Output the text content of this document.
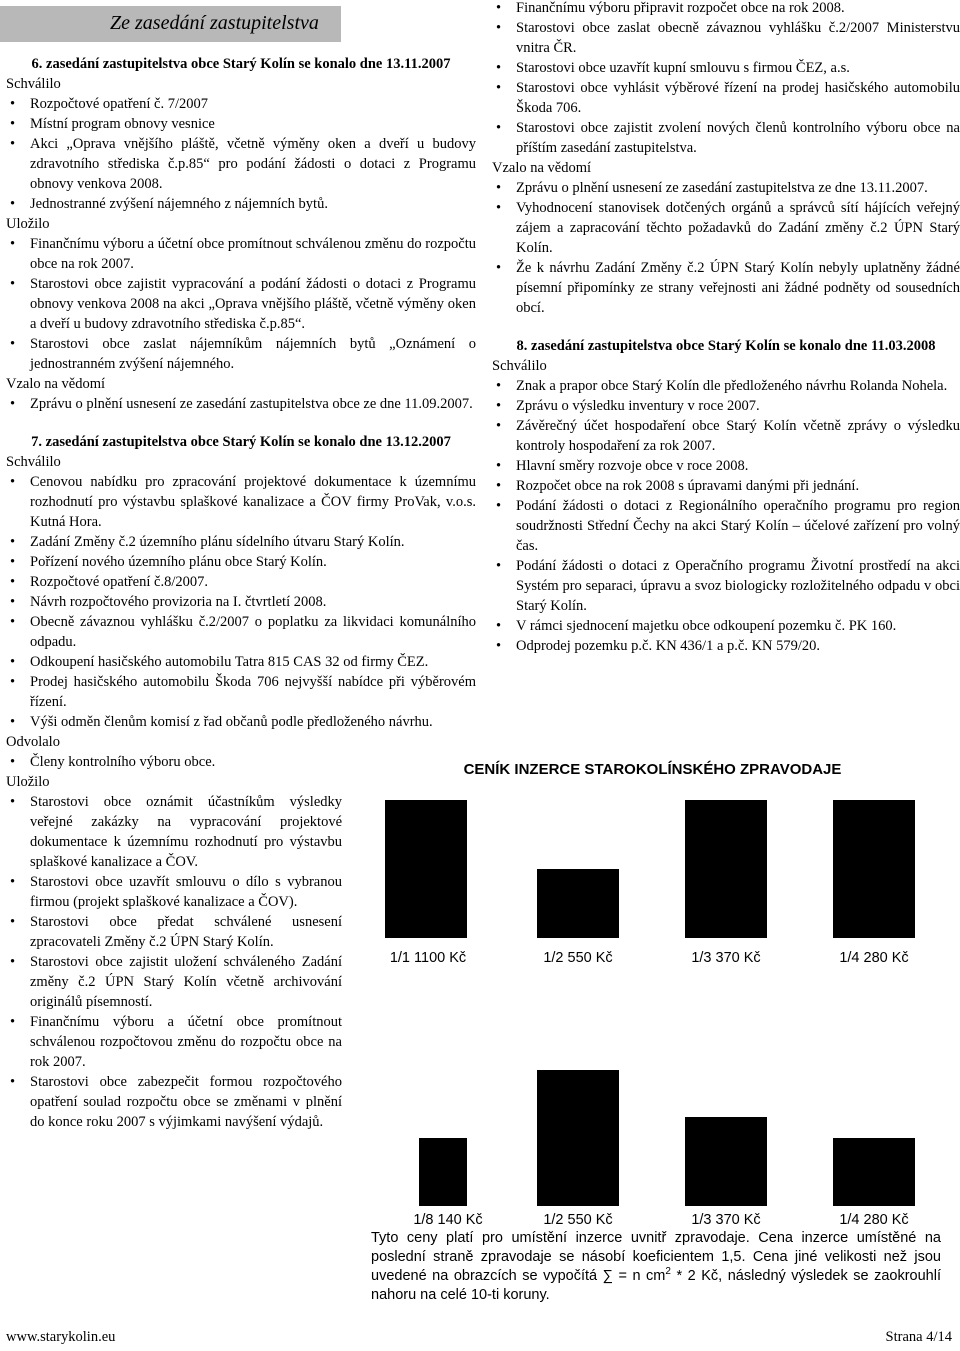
Ze zasedání zastupitelstva

6. zasedání zastupitelstva obce Starý Kolín se konalo dne 13.11.2007

Schválilo

• Rozpočtové opatření č. 7/2007
• Místní program obnovy vesnice
• Akci „Oprava vnějšího pláště, včetně výměny oken a dveří u budovy zdravotního střediska č.p.85“ pro podání žádosti o dotaci z Programu obnovy venkova 2008.
• Jednostranné zvýšení nájemného z nájemních bytů.

Uložilo

• Finančnímu výboru a účetní obce promítnout schválenou změnu do rozpočtu obce na rok 2007.
• Starostovi obce zajistit vypracování a podání žádosti o dotaci z Programu obnovy venkova 2008 na akci „Oprava vnějšího pláště, včetně výměny oken a dveří u budovy zdravotního střediska č.p.85“.
• Starostovi obce zaslat nájemníkům nájemních bytů „Oznámení o jednostranném zvýšení nájemného.

Vzalo na vědomí

• Zprávu o plnění usnesení ze zasedání zastupitelstva obce ze dne 11.09.2007.

7. zasedání zastupitelstva obce Starý Kolín se konalo dne 13.12.2007

Schválilo

• Cenovou nabídku pro zpracování projektové dokumentace k územnímu rozhodnutí pro výstavbu splaškové kanalizace a ČOV firmy ProVak, v.o.s. Kutná Hora.
• Zadání Změny č.2 územního plánu sídelního útvaru Starý Kolín.
• Pořízení nového územního plánu obce Starý Kolín.
• Rozpočtové opatření č.8/2007.
• Návrh rozpočtového provizoria na I. čtvrtletí 2008.
• Obecně závaznou vyhlášku č.2/2007 o poplatku za likvidaci komunálního odpadu.
• Odkoupení hasičského automobilu Tatra 815 CAS 32 od firmy ČEZ.
• Prodej hasičského automobilu Škoda 706 nejvyšší nabídce při výběrovém řízení.
• Výši odměn členům komisí z řad občanů podle předloženého návrhu.

Odvolalo

• Členy kontrolního výboru obce.

Uložilo

• Starostovi obce oznámit účastníkům výsledky veřejné zakázky na vypracování projektové dokumentace k územnímu rozhodnutí pro výstavbu splaškové kanalizace a ČOV.
• Starostovi obce uzavřít smlouvu o dílo s vybranou firmou (projekt splaškové kanalizace a ČOV).
• Starostovi obce předat schválené usnesení zpracovateli Změny č.2 ÚPN Starý Kolín.
• Starostovi obce zajistit uložení schváleného Zadání změny č.2 ÚPN Starý Kolín včetně archivování originálů písemností.
• Finančnímu výboru a účetní obce promítnout schválenou rozpočtovou změnu do rozpočtu obce na rok 2007.
• Starostovi obce zabezpečit formou rozpočtového opatření soulad rozpočtu obce se změnami v plnění do konce roku 2007 s výjimkami navýšení výdajů.
• Finančnímu výboru připravit rozpočet obce na rok 2008.
• Starostovi obce zaslat obecně závaznou vyhlášku č.2/2007 Ministerstvu vnitra ČR.
• Starostovi obce uzavřít kupní smlouvu s firmou ČEZ, a.s.
• Starostovi obce vyhlásit výběrové řízení na prodej hasičského automobilu Škoda 706.
• Starostovi obce zajistit zvolení nových členů kontrolního výboru obce na příštím zasedání zastupitelstva.

Vzalo na vědomí

• Zprávu o plnění usnesení ze zasedání zastupitelstva ze dne 13.11.2007.
• Vyhodnocení stanovisek dotčených orgánů a správců sítí hájících veřejný zájem a zapracování těchto požadavků do Zadání změny č.2 ÚPN Starý Kolín.
• Že k návrhu Zadání Změny č.2 ÚPN Starý Kolín nebyly uplatněny žádné písemní připomínky ze strany veřejnosti ani žádné podněty od sousedních obcí.

8. zasedání zastupitelstva obce Starý Kolín se konalo dne 11.03.2008

Schválilo

• Znak a prapor obce Starý Kolín dle předloženého návrhu Rolanda Nohela.
• Zprávu o výsledku inventury v roce 2007.
• Závěrečný účet hospodaření obce Starý Kolín včetně zprávy o výsledku kontroly hospodaření za rok 2007.
• Hlavní směry rozvoje obce v roce 2008.
• Rozpočet obce na rok 2008 s úpravami danými při jednání.
• Podání žádosti o dotaci z Regionálního operačního programu pro region soudržnosti Střední Čechy na akci Starý Kolín – účelové zařízení pro volný čas.
• Podání žádosti o dotaci z Operačního programu Životní prostředí na akci Systém pro separaci, úpravu a svoz biologicky rozložitelného odpadu v obci Starý Kolín.
• V rámci sjednocení majetku obce odkoupení pozemku č. PK 160.
• Odprodej pozemku p.č. KN 436/1 a p.č. KN 579/20.
CENÍK INZERCE STAROKOLÍNSKÉHO ZPRAVODAJE
1/1 1100 Kč	1/2 550 Kč	1/3 370 Kč	1/4 280 Kč
1/8 140 Kč	1/2 550 Kč	1/3 370 Kč	1/4 280 Kč
Tyto ceny platí pro umístění inzerce uvnitř zpravodaje. Cena inzerce umístěné na poslední straně zpravodaje se násobí koeficientem 1,5. Cena jiné velikosti než jsou uvedené na obrazcích se vypočítá ∑ = n $cm^2 * 2$ Kč, následný výsledek se zaokrouhlí nahoru na celé 10-ti koruny.
www.starykolin.eu	Strana 4/14
